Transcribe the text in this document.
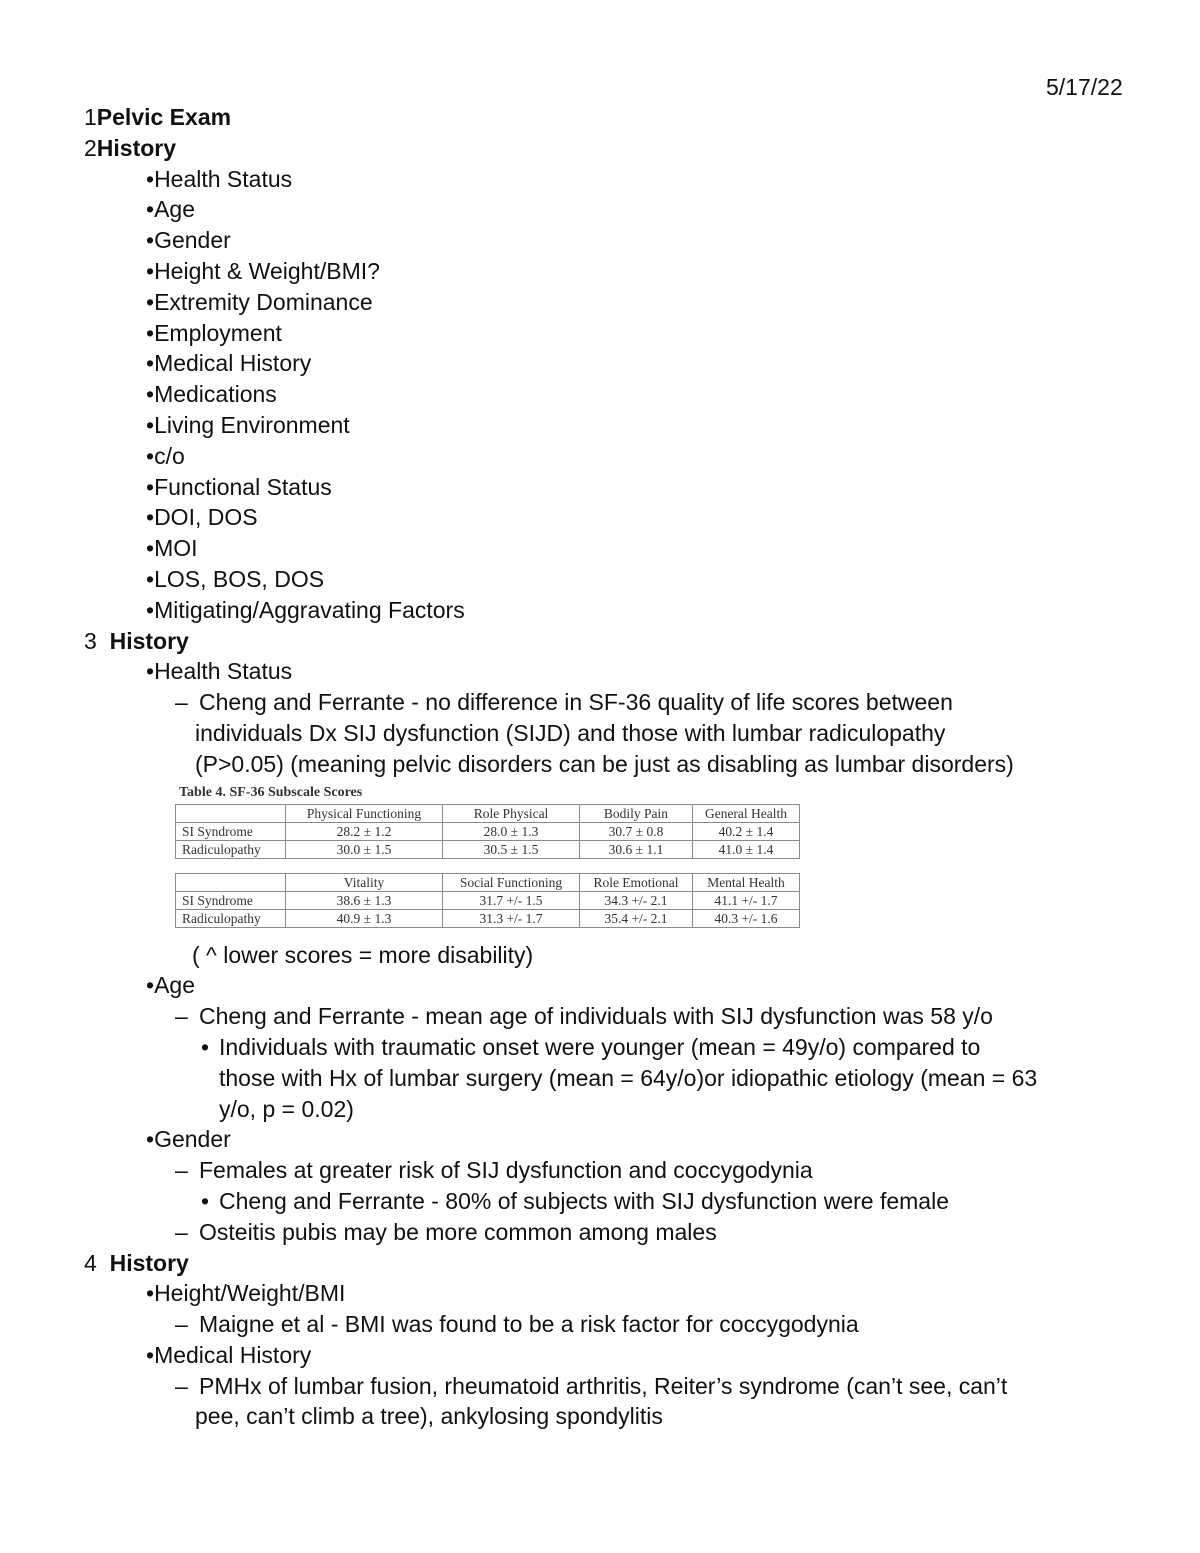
5/17/22
1Pelvic Exam
2History
•Health Status
•Age
•Gender
•Height & Weight/BMI?
•Extremity Dominance
•Employment
•Medical History
•Medications
•Living Environment
•c/o
•Functional Status
•DOI, DOS
•MOI
•LOS, BOS, DOS
•Mitigating/Aggravating Factors
3 History
•Health Status
– Cheng and Ferrante - no difference in SF-36 quality of life scores between
individuals Dx SIJ dysfunction (SIJD) and those with lumbar radiculopathy
(P>0.05) (meaning pelvic disorders can be just as disabling as lumbar disorders)
Table 4. SF-36 Subscale Scores
	Physical Functioning	Role Physical	Bodily Pain	General Health
SI Syndrome	28.2 ± 1.2	28.0 ± 1.3	30.7 ± 0.8	40.2 ± 1.4
Radiculopathy	30.0 ± 1.5	30.5 ± 1.5	30.6 ± 1.1	41.0 ± 1.4
	Vitality	Social Functioning	Role Emotional	Mental Health
SI Syndrome	38.6 ± 1.3	31.7 +/- 1.5	34.3 +/- 2.1	41.1 +/- 1.7
Radiculopathy	40.9 ± 1.3	31.3 +/- 1.7	35.4 +/- 2.1	40.3 +/- 1.6
( ^ lower scores = more disability)
•Age
– Cheng and Ferrante - mean age of individuals with SIJ dysfunction was 58 y/o
• Individuals with traumatic onset were younger (mean = 49y/o) compared to
those with Hx of lumbar surgery (mean = 64y/o)or idiopathic etiology (mean = 63
y/o, p = 0.02)
•Gender
– Females at greater risk of SIJ dysfunction and coccygodynia
• Cheng and Ferrante - 80% of subjects with SIJ dysfunction were female
– Osteitis pubis may be more common among males
4 History
•Height/Weight/BMI
– Maigne et al - BMI was found to be a risk factor for coccygodynia
•Medical History
– PMHx of lumbar fusion, rheumatoid arthritis, Reiter’s syndrome (can’t see, can’t
pee, can’t climb a tree), ankylosing spondylitis
